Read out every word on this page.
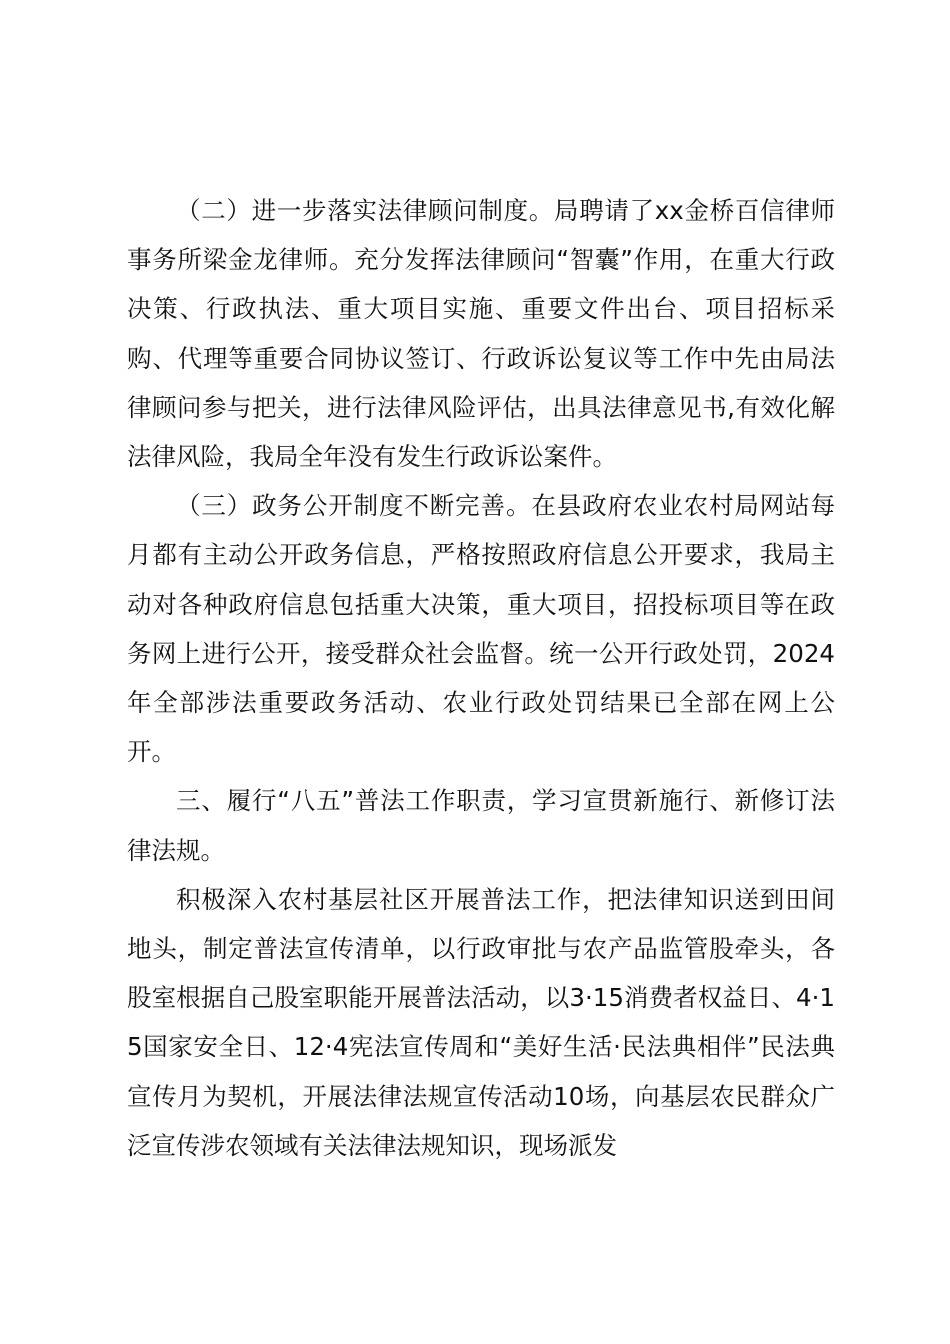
（二）进一步落实法律顾问制度。局聘请了xx金桥百信律师事务所梁金龙律师。充分发挥法律顾问“智囊”作用，在重大行政决策、行政执法、重大项目实施、重要文件出台、项目招标采购、代理等重要合同协议签订、行政诉讼复议等工作中先由局法律顾问参与把关，进行法律风险评估，出具法律意见书,有效化解法律风险，我局全年没有发生行政诉讼案件。

（三）政务公开制度不断完善。在县政府农业农村局网站每月都有主动公开政务信息，严格按照政府信息公开要求，我局主动对各种政府信息包括重大决策，重大项目，招投标项目等在政务网上进行公开，接受群众社会监督。统一公开行政处罚，2024年全部涉法重要政务活动、农业行政处罚结果已全部在网上公开。

三、履行“八五”普法工作职责，学习宣贯新施行、新修订法律法规。

积极深入农村基层社区开展普法工作，把法律知识送到田间地头，制定普法宣传清单，以行政审批与农产品监管股牵头，各股室根据自己股室职能开展普法活动，以3·15消费者权益日、4·15国家安全日、12·4宪法宣传周和“美好生活·民法典相伴”民法典宣传月为契机，开展法律法规宣传活动10场，向基层农民群众广泛宣传涉农领域有关法律法规知识，现场派发
